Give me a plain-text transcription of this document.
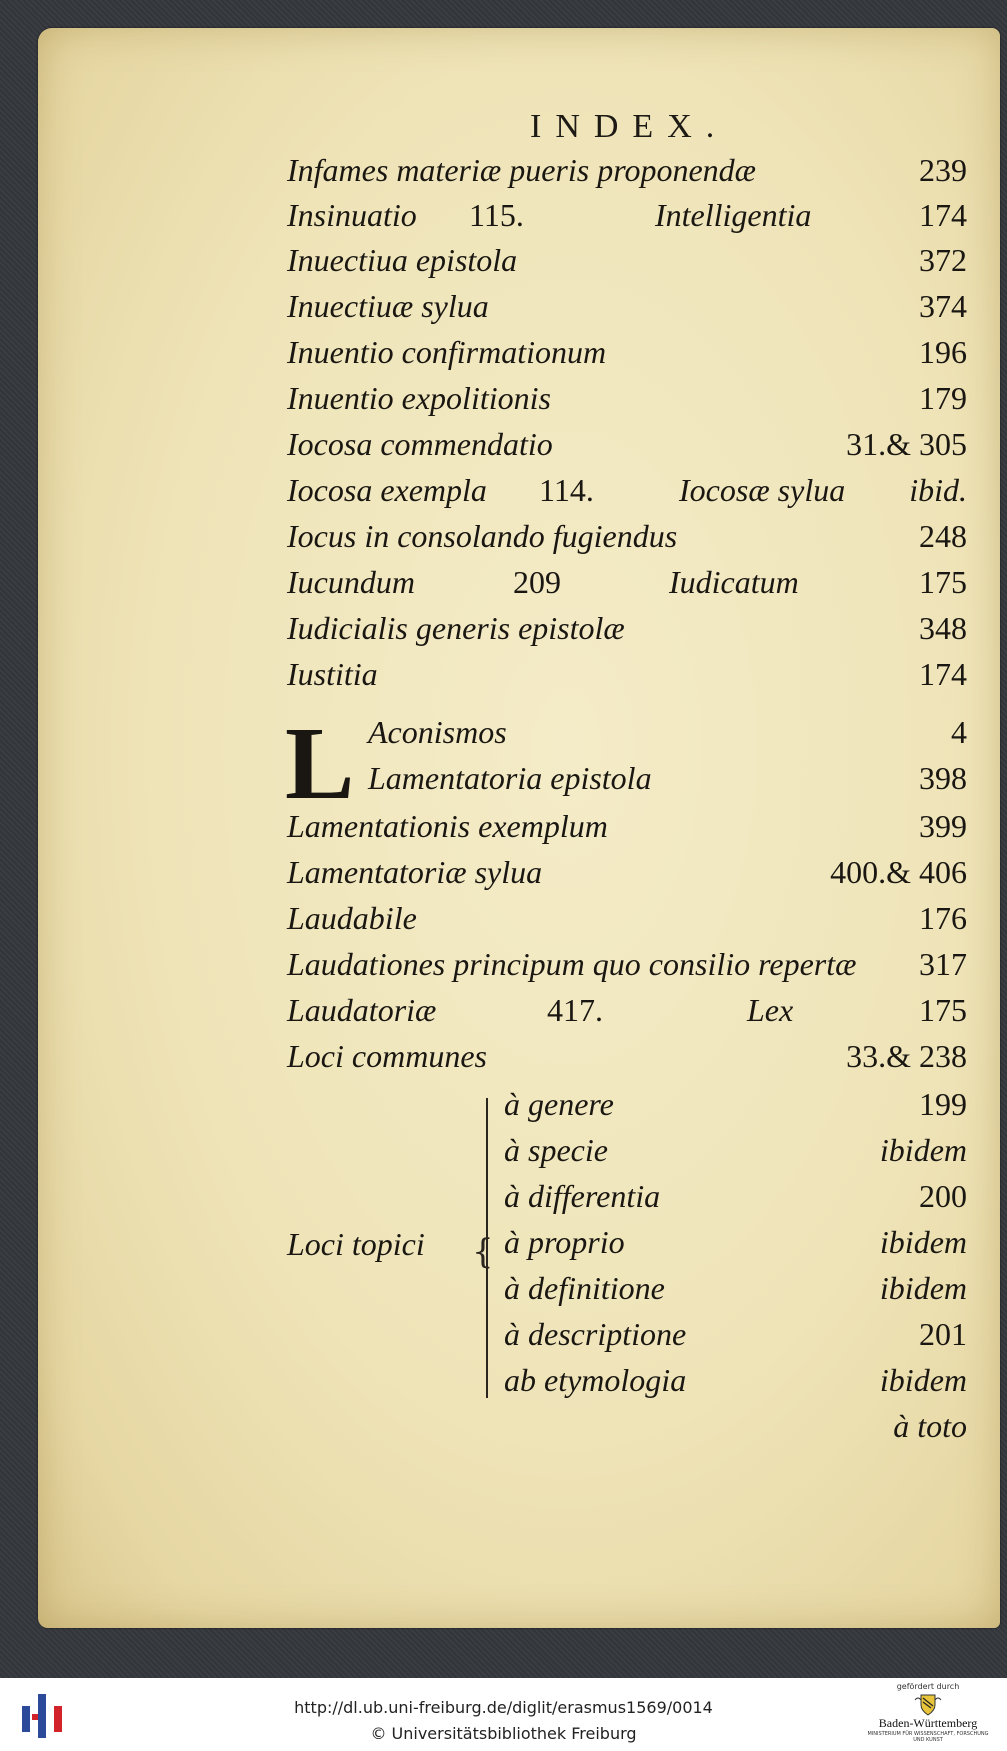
INDEX.
Infames materiæ pueris proponendæ	239
Insinuatio 115.	Intelligentia	174
Inuectiua epistola	372
Inuectiuæ sylua	374
Inuentio confirmationum	196
Inuentio expolitionis	179
Iocosa commendatio	31.& 305
Iocosa exempla 114.	Iocosæ sylua ibid.
Iocus in consolando fugiendus	248
Iucundum	209	Iudicatum	175
Iudicialis generis epistolæ	348
Iustitia	174
L Aconismos	4
Lamentatoria epistola	398
Lamentationis exemplum	399
Lamentatoriæ sylua	400.& 406
Laudabile	176
Laudationes principum quo consilio repertæ 317
Laudatoriæ	417.	Lex	175
Loci communes	33.& 238
Loci topici {
à genere	199
à specie	ibidem
à differentia	200
à proprio	ibidem
à definitione	ibidem
à descriptione	201
ab etymologia	ibidem
à toto
http://dl.ub.uni-freiburg.de/diglit/erasmus1569/0014
© Universitätsbibliothek Freiburg
gefördert durch
Baden-Württemberg
MINISTERIUM FÜR WISSENSCHAFT, FORSCHUNG UND KUNST
